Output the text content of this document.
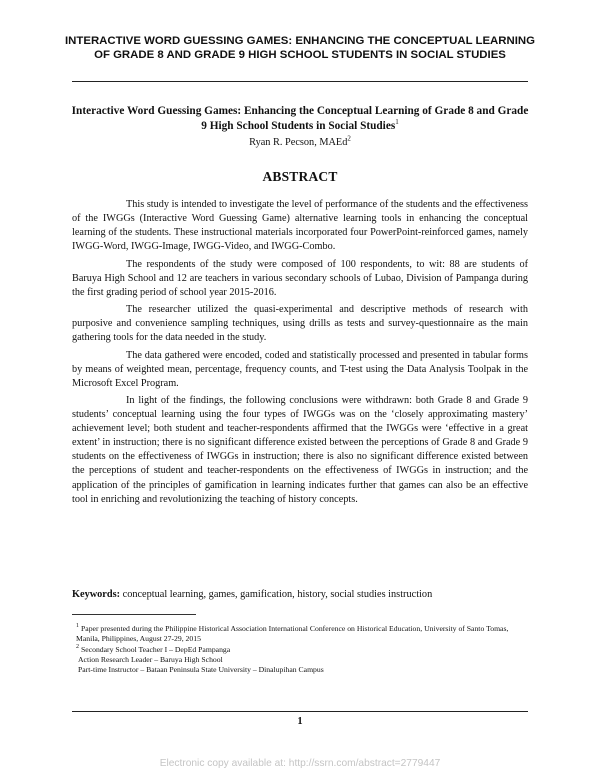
INTERACTIVE WORD GUESSING GAMES: ENHANCING THE CONCEPTUAL LEARNING OF GRADE 8 AND GRADE 9 HIGH SCHOOL STUDENTS IN SOCIAL STUDIES
Interactive Word Guessing Games: Enhancing the Conceptual Learning of Grade 8 and Grade 9 High School Students in Social Studies$^1$
Ryan R. Pecson, MAEd$^2$
ABSTRACT

This study is intended to investigate the level of performance of the students and the effectiveness of the IWGGs (Interactive Word Guessing Game) alternative learning tools in enhancing the conceptual learning of the students. These instructional materials incorporated four PowerPoint-reinforced games, namely IWGG-Word, IWGG-Image, IWGG-Video, and IWGG-Combo.

The respondents of the study were composed of 100 respondents, to wit: 88 are students of Baruya High School and 12 are teachers in various secondary schools of Lubao, Division of Pampanga during the first grading period of school year 2015-2016.

The researcher utilized the quasi-experimental and descriptive methods of research with purposive and convenience sampling techniques, using drills as tests and survey-questionnaire as the main gathering tools for the data needed in the study.

The data gathered were encoded, coded and statistically processed and presented in tabular forms by means of weighted mean, percentage, frequency counts, and T-test using the Data Analysis Toolpak in the Microsoft Excel Program.

In light of the findings, the following conclusions were withdrawn: both Grade 8 and Grade 9 students’ conceptual learning using the four types of IWGGs was on the ‘closely approximating mastery’ achievement level; both student and teacher-respondents affirmed that the IWGGs were ‘effective in a great extent’ in instruction; there is no significant difference existed between the perceptions of Grade 8 and Grade 9 students on the effectiveness of IWGGs in instruction; there is also no significant difference existed between the perceptions of student and teacher-respondents on the effectiveness of IWGGs in instruction; and the application of the principles of gamification in learning indicates further that games can also be an effective tool in enriching and revolutionizing the teaching of history concepts.

Keywords: conceptual learning, games, gamification, history, social studies instruction

$^1$ Paper presented during the Philippine Historical Association International Conference on Historical Education, University of Santo Tomas, Manila, Philippines, August 27-29, 2015

$^2$ Secondary School Teacher I – DepEd Pampanga

Action Research Leader – Baruya High School

Part-time Instructor – Bataan Peninsula State University – Dinalupihan Campus

1
Electronic copy available at: http://ssrn.com/abstract=2779447
